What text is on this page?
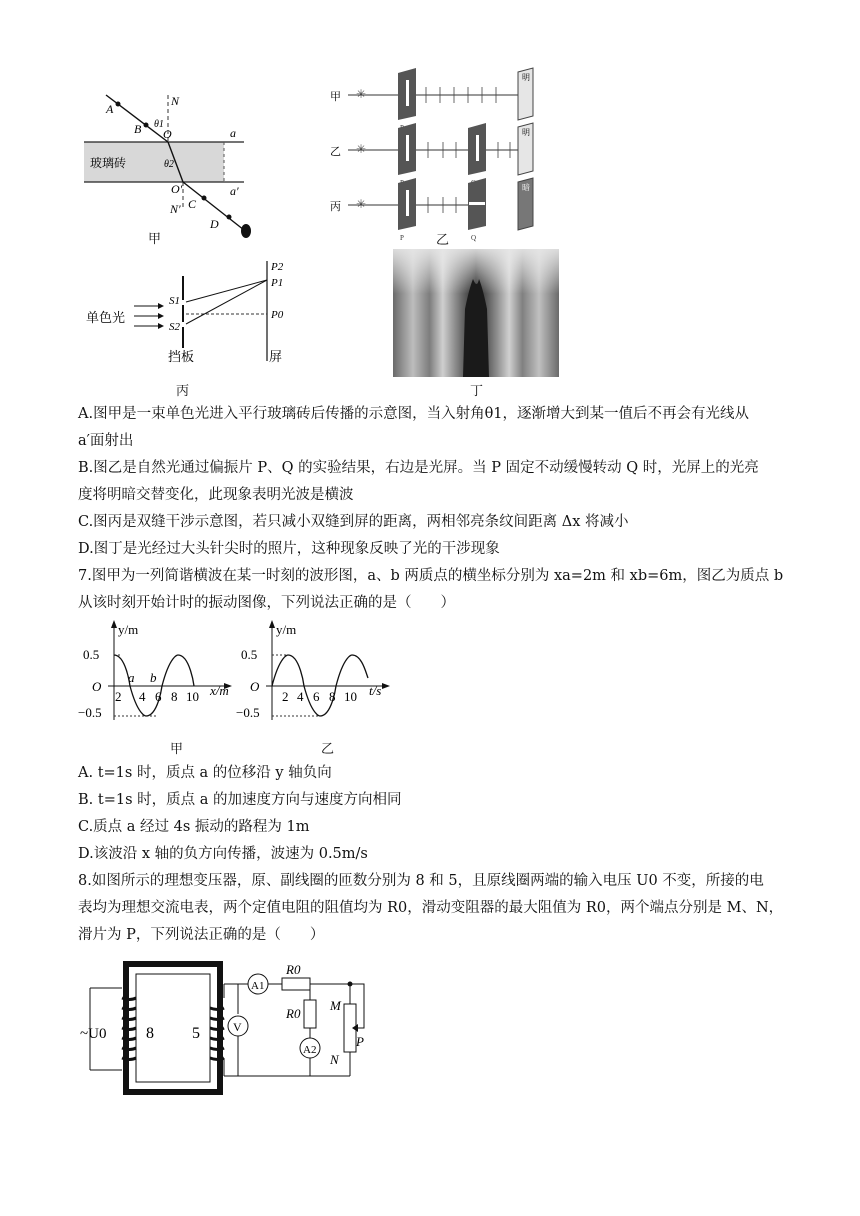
N
A
B θ1
O	a
玻璃砖	θ2
O′	a′
C
N′
D
甲
甲 ✳
明
乙 ✳
明
丙 ✳
P	Q
暗
乙
单色光
S1
S2
P2
P1
P0
挡板	屏
丙	丁
A.图甲是一束单色光进入平行玻璃砖后传播的示意图，当入射角θ1，逐渐增大到某一值后不再会有光线从
a′面射出
B.图乙是自然光通过偏振片 P、Q 的实验结果，右边是光屏。当 P 固定不动缓慢转动 Q 时，光屏上的光亮
度将明暗交替变化，此现象表明光波是横波
C.图丙是双缝干涉示意图，若只减小双缝到屏的距离，两相邻亮条纹间距离 Δx 将减小
D.图丁是光经过大头针尖时的照片，这种现象反映了光的干涉现象
7.图甲为一列简谐横波在某一时刻的波形图，a、b 两质点的横坐标分别为 xa=2m 和 xb=6m，图乙为质点 b
从该时刻开始计时的振动图像，下列说法正确的是（　　）
y/m
0.5
−0.5
O
2 4 6 8 10
a b
x/m
甲
y/m
0.5
−0.5
O
2 4 6 8 10 t/s
乙
A. t=1s 时，质点 a 的位移沿 y 轴负向
B. t=1s 时，质点 a 的加速度方向与速度方向相同
C.质点 a 经过 4s 振动的路程为 1m
D.该波沿 x 轴的负方向传播，波速为 0.5m/s
8.如图所示的理想变压器，原、副线圈的匝数分别为 8 和 5，且原线圈两端的输入电压 U0 不变，所接的电
表均为理想交流电表，两个定值电阻的阻值均为 R0，滑动变阻器的最大阻值为 R0，两个端点分别是 M、N，
滑片为 P，下列说法正确的是（　　）
~U0 8 5	V
A1
R0
R0
A2
M
N
P
